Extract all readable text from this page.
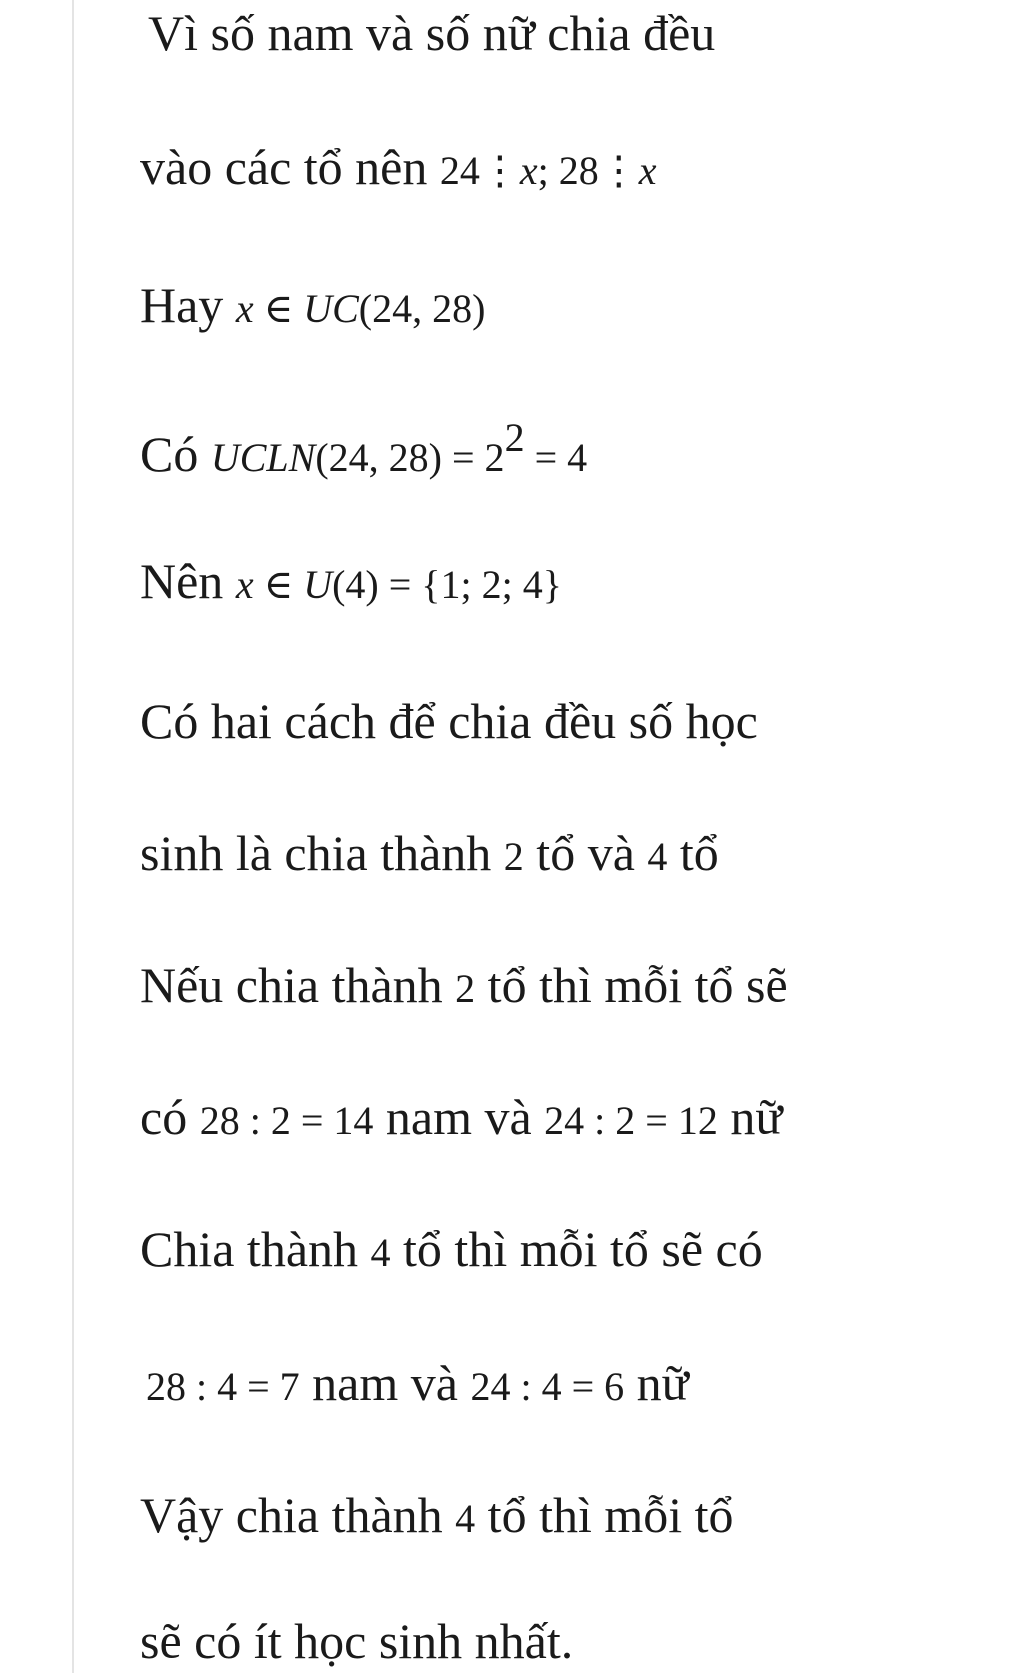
Vì số nam và số nữ chia đều
vào các tổ nên 24⋮x; 28⋮x
Hay x ∈ UC(24, 28)
Có UCLN(24, $28) = 2^2 = 4$
Nên x ∈ U(4) = {1; 2; 4}
Có hai cách để chia đều số học
sinh là chia thành 2 tổ và 4 tổ
Nếu chia thành 2 tổ thì mỗi tổ sẽ
có 28 : 2 = 14 nam và 24 : 2 = 12 nữ
Chia thành 4 tổ thì mỗi tổ sẽ có
28 : 4 = 7 nam và 24 : 4 = 6 nữ
Vậy chia thành 4 tổ thì mỗi tổ
sẽ có ít học sinh nhất.
